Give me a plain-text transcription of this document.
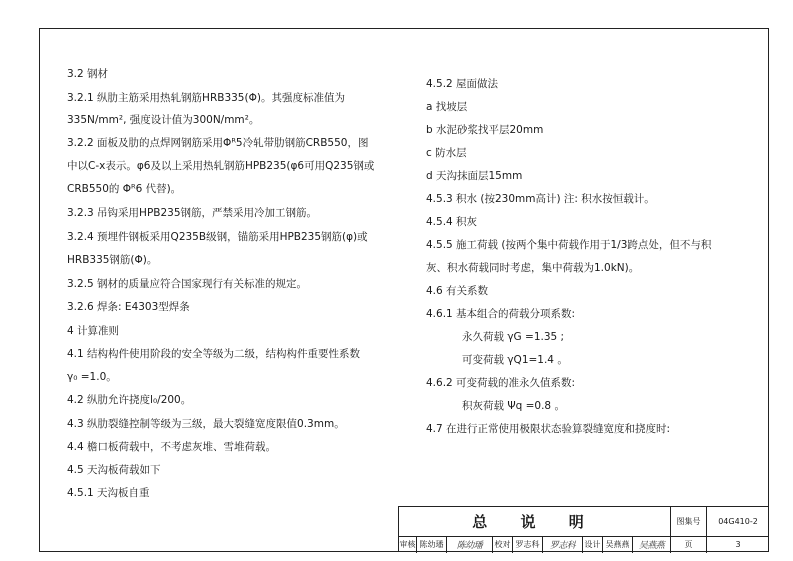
3.2 钢材
3.2.1 纵肋主筋采用热轧钢筋HRB335(Φ)。其强度标准值为
335N/mm², 强度设计值为300N/mm²。
3.2.2 面板及肋的点焊网钢筋采用Φᴿ5冷轧带肋钢筋CRB550，图
中以C-x表示。φ6及以上采用热轧钢筋HPB235(φ6可用Q235钢或
CRB550的 Φᴿ6 代替)。
3.2.3 吊钩采用HPB235钢筋，严禁采用冷加工钢筋。
3.2.4 预埋件钢板采用Q235B级钢，锚筋采用HPB235钢筋(φ)或
HRB335钢筋(Φ)。
3.2.5 钢材的质量应符合国家现行有关标准的规定。
3.2.6 焊条: E4303型焊条
4 计算准则
4.1 结构构件使用阶段的安全等级为二级，结构构件重要性系数
γ₀ =1.0。
4.2 纵肋允许挠度l₀/200。
4.3 纵肋裂缝控制等级为三级，最大裂缝宽度限值0.3mm。
4.4 檐口板荷载中，不考虑灰堆、雪堆荷载。
4.5 天沟板荷载如下
4.5.1 天沟板自重
4.5.2 屋面做法
a 找坡层
b 水泥砂浆找平层20mm
c 防水层
d 天沟抹面层15mm
4.5.3 积水 (按230mm高计) 注: 积水按恒载计。
4.5.4 积灰
4.5.5 施工荷载 (按两个集中荷载作用于1/3跨点处，但不与积
灰、积水荷载同时考虑，集中荷载为1.0kN)。
4.6 有关系数
4.6.1 基本组合的荷载分项系数:
永久荷载 γG =1.35 ;
可变荷载 γQ1=1.4 。
4.6.2 可变荷载的准永久值系数:
积灰荷载 Ψq =0.8 。
4.7 在进行正常使用极限状态验算裂缝宽度和挠度时:
总 说 明	图集号	04G410-2
审核 陈幼璠	陈幼璠	校对 罗志科	罗志科	设计 吴燕燕	吴燕燕	页	3
